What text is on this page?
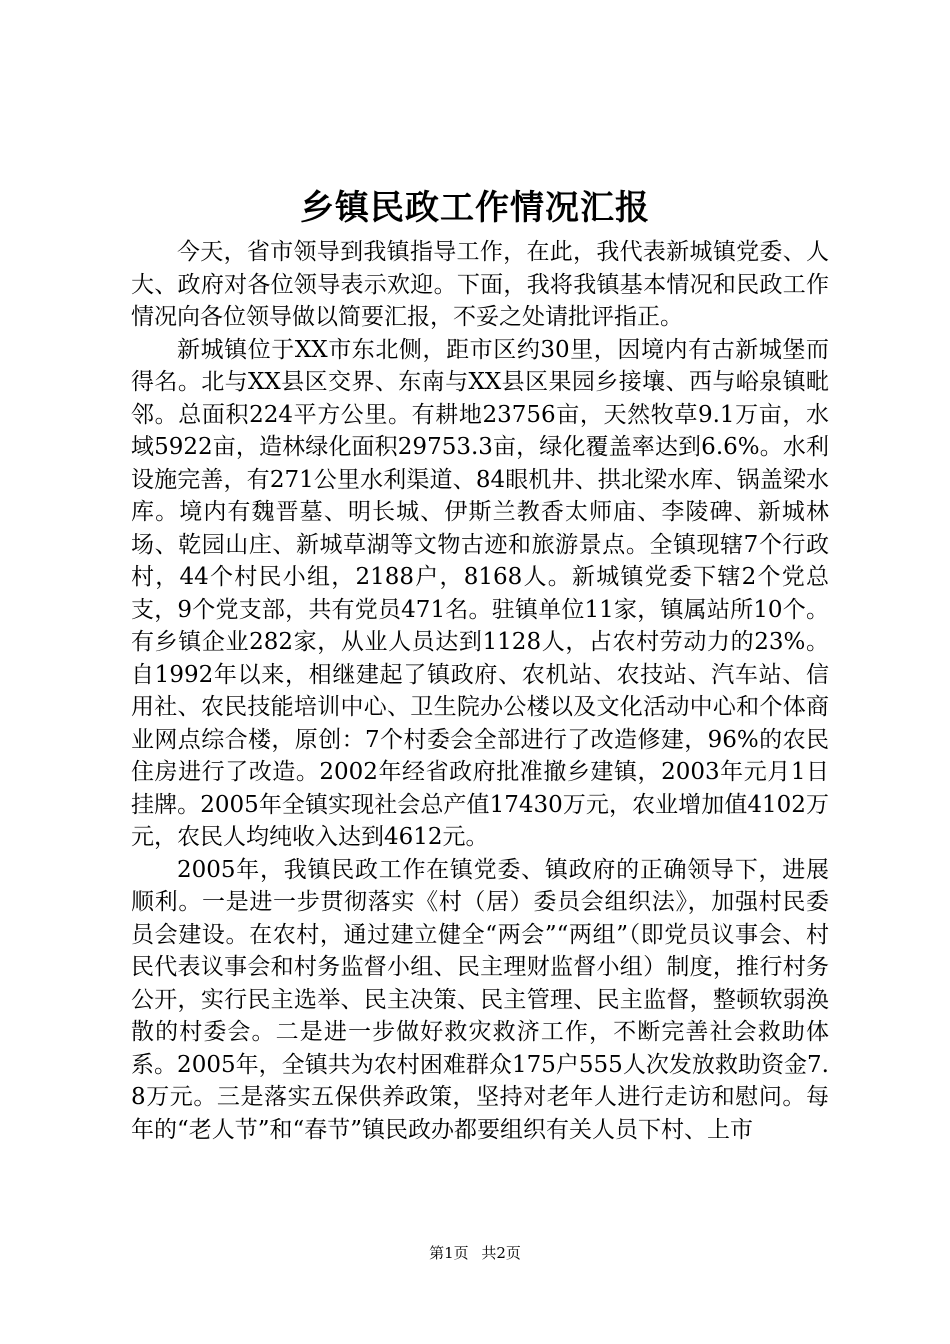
乡镇民政工作情况汇报

今天，省市领导到我镇指导工作，在此，我代表新城镇党委、人大、政府对各位领导表示欢迎。下面，我将我镇基本情况和民政工作情况向各位领导做以简要汇报，不妥之处请批评指正。

新城镇位于XX市东北侧，距市区约30里，因境内有古新城堡而得名。北与XX县区交界、东南与XX县区果园乡接壤、西与峪泉镇毗邻。总面积224平方公里。有耕地23756亩，天然牧草9.1万亩，水域5922亩，造林绿化面积29753.3亩，绿化覆盖率达到6.6%。水利设施完善，有271公里水利渠道、84眼机井、拱北梁水库、锅盖梁水库。境内有魏晋墓、明长城、伊斯兰教香太师庙、李陵碑、新城林场、乾园山庄、新城草湖等文物古迹和旅游景点。全镇现辖7个行政村，44个村民小组，2188户，8168人。新城镇党委下辖2个党总支，9个党支部，共有党员471名。驻镇单位11家，镇属站所10个。有乡镇企业282家，从业人员达到1128人，占农村劳动力的23%。自1992年以来，相继建起了镇政府、农机站、农技站、汽车站、信用社、农民技能培训中心、卫生院办公楼以及文化活动中心和个体商业网点综合楼，原创：7个村委会全部进行了改造修建，96%的农民住房进行了改造。2002年经省政府批准撤乡建镇，2003年元月1日挂牌。2005年全镇实现社会总产值17430万元，农业增加值4102万元，农民人均纯收入达到4612元。

2005年，我镇民政工作在镇党委、镇政府的正确领导下，进展顺利。一是进一步贯彻落实《村（居）委员会组织法》，加强村民委员会建设。在农村，通过建立健全“两会”“两组”（即党员议事会、村民代表议事会和村务监督小组、民主理财监督小组）制度，推行村务公开，实行民主选举、民主决策、民主管理、民主监督，整顿软弱涣散的村委会。二是进一步做好救灾救济工作，不断完善社会救助体系。2005年，全镇共为农村困难群众175户555人次发放救助资金7.8万元。三是落实五保供养政策，坚持对老年人进行走访和慰问。每年的“老人节”和“春节”镇民政办都要组织有关人员下村、上市

第1页 共2页
